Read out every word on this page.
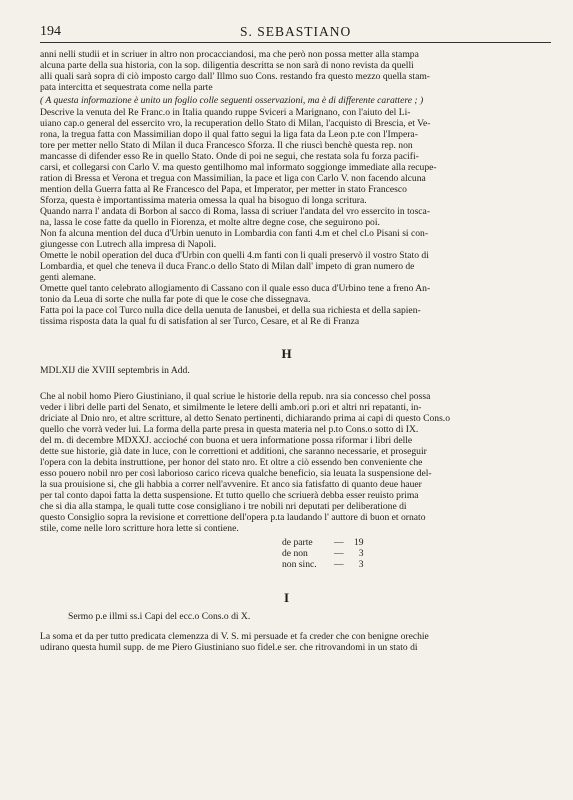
194	S. SEBASTIANO
anni nelli studii et in scriuer in altro non procacciandosi, ma che però non possa metter alla stampa
alcuna parte della sua historia, con la sop. diligentia descritta se non sarà di nono revista da quelli
alli quali sarà sopra di ciò imposto cargo dall' Illmo suo Cons. restando fra questo mezzo quella stam-
pata intercitta et sequestrata come nella parte
( A questa informazione è unito un foglio colle seguenti osservazioni, ma è di differente carattere ; )
Descrive la venuta del Re Franc.o in Italia quando ruppe Sviceri a Marignano, con l'aiuto del Li-
uiano cap.o general del essercito vro, la recuperation dello Stato di Milan, l'acquisto di Brescia, et Ve-
rona, la tregua fatta con Massimilian dopo il qual fatto segui la liga fata da Leon p.te con l'Impera-
tore per metter nello Stato di Milan il duca Francesco Sforza. Il che riuscì benchè questa rep. non
mancasse di difender esso Re in quello Stato. Onde di poi ne segui, che restata sola fu forza pacifi-
carsi, et collegarsi con Carlo V. ma questo gentilhomo mal informato soggionge immediate alla recupe-
ration di Bressa et Verona et tregua con Massimilian, la pace et liga con Carlo V. non facendo alcuna
mention della Guerra fatta al Re Francesco del Papa, et Imperator, per metter in stato Francesco
Sforza, questa è importantissima materia omessa la qual ha bisoguo di longa scritura.
Quando narra l' andata di Borbon al sacco di Roma, lassa di scriuer l'andata del vro essercito in tosca-
na, lassa le cose fatte da quello in Fiorenza, et molte altre degne cose, che seguirono poi.
Non fa alcuna mention del duca d'Urbin uenuto in Lombardia con fanti 4.m et chel cl.o Pisani si con-
giungesse con Lutrech alla impresa di Napoli.
Omette le nobil operation del duca d'Urbin con quelli 4.m fanti con li quali preservò il vostro Stato di
Lombardia, et quel che teneva il duca Franc.o dello Stato di Milan dall' impeto di gran numero de
genti alemane.
Omette quel tanto celebrato allogiamento di Cassano con il quale esso duca d'Urbino tene a freno An-
tonio da Leua di sorte che nulla far pote di que le cose che dissegnava.
Fatta poi la pace col Turco nulla dice della uenuta de Ianusbei, et della sua richiesta et della sapien-
tissima risposta data la qual fu di satisfation al ser Turco, Cesare, et al Re di Franza
H
MDLXIJ die XVIII septembris in Add.
Che al nobil homo Piero Giustiniano, il qual scriue le historie della repub. nra sia concesso chel possa
veder i libri delle parti del Senato, et similmente le letere delli amb.ori p.ori et altri nri repatanti, in-
driciate al Dnio nro, et altre scritture, al detto Senato pertinenti, dichiarando prima ai capi di questo Cons.o
quello che vorrà veder lui. La forma della parte presa in questa materia nel p.to Cons.o sotto di IX.
del m. di decembre MDXXJ. accioché con buona et uera informatione possa riformar i libri delle
dette sue historie, già date in luce, con le correttioni et additioni, che saranno necessarie, et proseguir
l'opera con la debita instruttione, per honor del stato nro. Et oltre a ciò essendo ben conveniente che
esso pouero nobil nro per così laborioso carico riceva qualche beneficio, sia leuata la suspensione del-
la sua prouisione si, che gli habbia a correr nell'avvenire. Et anco sia fatisfatto di quanto deue hauer
per tal conto dapoi fatta la detta suspensione. Et tutto quello che scriuerà debba esser reuisto prima
che si dia alla stampa, le quali tutte cose consigliano i tre nobili nri deputati per deliberatione di
questo Consiglio sopra la revisione et correttione dell'opera p.ta laudando l' auttore di buon et ornato
stile, come nelle loro scritture hora lette si contiene.
de parte — 19
de non	— 3
non sinc. — 3
I
Sermo p.e illmi ss.i Capi del ecc.o Cons.o di X.
La soma et da per tutto predicata clemenzza di V. S. mi persuade et fa creder che con benigne orechie
udirano questa humil supp. de me Piero Giustiniano suo fidel.e ser. che ritrovandomi in un stato di
